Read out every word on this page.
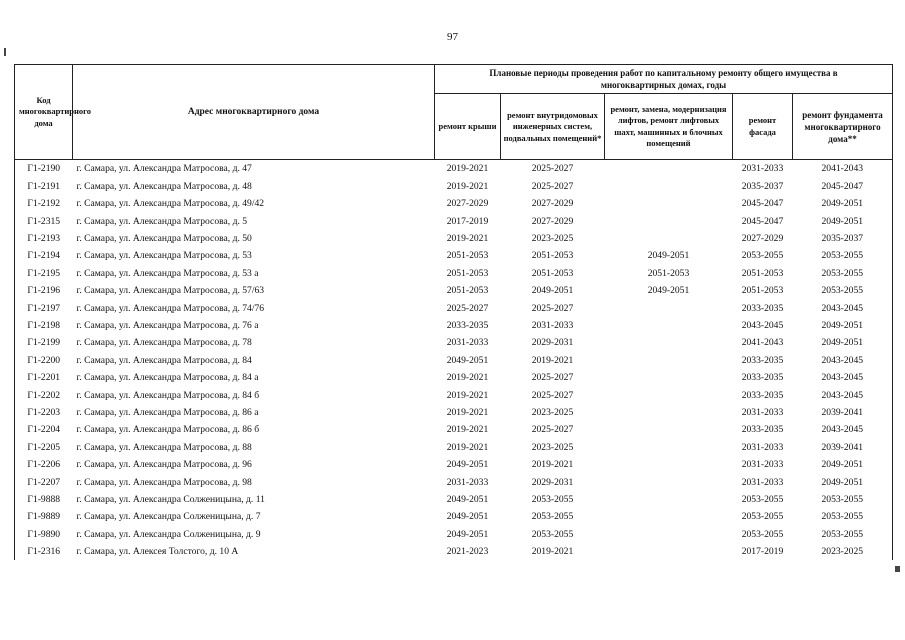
97
Код многоквартирного дома	Адрес многоквартирного дома	Плановые периоды проведения работ по капитальному ремонту общего имущества в многоквартирных домах, годы				
		ремонт крыши	ремонт внутридомовых инженерных систем, подвальных помещений*	ремонт, замена, модернизация лифтов, ремонт лифтовых шахт, машинных и блочных помещений	ремонт фасада	ремонт фундамента многоквартирного дома**
Г1-2190	г. Самара, ул. Александра Матросова, д. 47	2019-2021	2025-2027		2031-2033	2041-2043
Г1-2191	г. Самара, ул. Александра Матросова, д. 48	2019-2021	2025-2027		2035-2037	2045-2047
Г1-2192	г. Самара, ул. Александра Матросова, д. 49/42	2027-2029	2027-2029		2045-2047	2049-2051
Г1-2315	г. Самара, ул. Александра Матросова, д. 5	2017-2019	2027-2029		2045-2047	2049-2051
Г1-2193	г. Самара, ул. Александра Матросова, д. 50	2019-2021	2023-2025		2027-2029	2035-2037
Г1-2194	г. Самара, ул. Александра Матросова, д. 53	2051-2053	2051-2053	2049-2051	2053-2055	2053-2055
Г1-2195	г. Самара, ул. Александра Матросова, д. 53 а	2051-2053	2051-2053	2051-2053	2051-2053	2053-2055
Г1-2196	г. Самара, ул. Александра Матросова, д. 57/63	2051-2053	2049-2051	2049-2051	2051-2053	2053-2055
Г1-2197	г. Самара, ул. Александра Матросова, д. 74/76	2025-2027	2025-2027		2033-2035	2043-2045
Г1-2198	г. Самара, ул. Александра Матросова, д. 76 а	2033-2035	2031-2033		2043-2045	2049-2051
Г1-2199	г. Самара, ул. Александра Матросова, д. 78	2031-2033	2029-2031		2041-2043	2049-2051
Г1-2200	г. Самара, ул. Александра Матросова, д. 84	2049-2051	2019-2021		2033-2035	2043-2045
Г1-2201	г. Самара, ул. Александра Матросова, д. 84 а	2019-2021	2025-2027		2033-2035	2043-2045
Г1-2202	г. Самара, ул. Александра Матросова, д. 84 б	2019-2021	2025-2027		2033-2035	2043-2045
Г1-2203	г. Самара, ул. Александра Матросова, д. 86 а	2019-2021	2023-2025		2031-2033	2039-2041
Г1-2204	г. Самара, ул. Александра Матросова, д. 86 б	2019-2021	2025-2027		2033-2035	2043-2045
Г1-2205	г. Самара, ул. Александра Матросова, д. 88	2019-2021	2023-2025		2031-2033	2039-2041
Г1-2206	г. Самара, ул. Александра Матросова, д. 96	2049-2051	2019-2021		2031-2033	2049-2051
Г1-2207	г. Самара, ул. Александра Матросова, д. 98	2031-2033	2029-2031		2031-2033	2049-2051
Г1-9888	г. Самара, ул. Александра Солженицына, д. 11	2049-2051	2053-2055		2053-2055	2053-2055
Г1-9889	г. Самара, ул. Александра Солженицына, д. 7	2049-2051	2053-2055		2053-2055	2053-2055
Г1-9890	г. Самара, ул. Александра Солженицына, д. 9	2049-2051	2053-2055		2053-2055	2053-2055
Г1-2316	г. Самара, ул. Алексея Толстого, д. 10 А	2021-2023	2019-2021		2017-2019	2023-2025
